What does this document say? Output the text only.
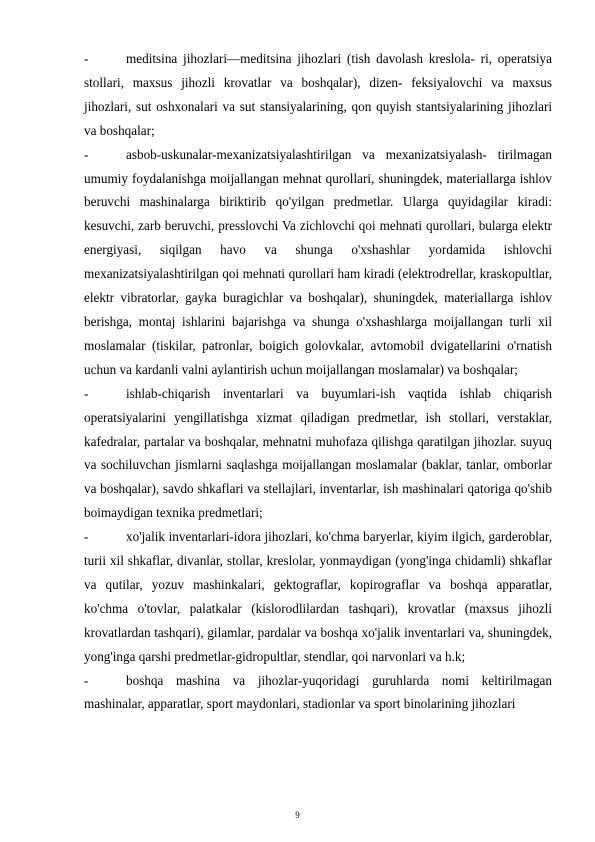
-	meditsina jihozlari—meditsina jihozlari (tish davolash kreslola- ri, operatsiya stollari, maxsus jihozli krovatlar va boshqalar), dizen- feksiyalovchi va maxsus jihozlari, sut oshxonalari va sut stansiyalarining, qon quyish stantsiyalarining jihozlari va boshqalar;

-	asbob-uskunalar-mexanizatsiyalashtirilgan va mexanizatsiyalash- tirilmagan umumiy foydalanishga moijallangan mehnat qurollari, shuningdek, materiallarga ishlov beruvchi mashinalarga biriktirib qo'yilgan predmetlar. Ularga quyidagilar kiradi: kesuvchi, zarb beruvchi, presslovchi Va zichlovchi qoi mehnati qurollari, bularga elektr energiyasi, siqilgan havo va shunga o'xshashlar yordamida ishlovchi mexanizatsiyalashtirilgan qoi mehnati qurollari ham kiradi (elektrodrellar, kraskopultlar, elektr vibratorlar, gayka buragichlar va boshqalar), shuningdek, materiallarga ishlov berishga, montaj ishlarini bajarishga va shunga o'xshashlarga moijallangan turli xil moslamalar (tiskilar, patronlar, boigich golovkalar, avtomobil dvigatellarini o'rnatish uchun va kardanli valni aylantirish uchun moijallangan moslamalar) va boshqalar;

-	ishlab-chiqarish inventarlari va buyumlari-ish vaqtida ishlab chiqarish operatsiyalarini yengillatishga xizmat qiladigan predmetlar, ish stollari, verstaklar, kafedralar, partalar va boshqalar, mehnatni muhofaza qilishga qaratilgan jihozlar. suyuq va sochiluvchan jismlarni saqlashga moijallangan moslamalar (baklar, tanlar, omborlar va boshqalar), savdo shkaflari va stellajlari, inventarlar, ish mashinalari qatoriga qo'shib boimaydigan texnika predmetlari;

-	xo'jalik inventarlari-idora jihozlari, ko'chma baryerlar, kiyim ilgich, garderoblar, turii xil shkaflar, divanlar, stollar, kreslolar, yonmaydigan (yong'inga chidamli) shkaflar va qutilar, yozuv mashinkalari, gektograflar, kopirograflar va boshqa apparatlar, ko'chma o'tovlar, palatkalar (kislorodlilardan tashqari), krovatlar (maxsus jihozli krovatlardan tashqari), gilamlar, pardalar va boshqa xo'jalik inventarlari va, shuningdek, yong'inga qarshi predmetlar-gidropultlar, stendlar, qoi narvonlari va h.k;

-	boshqa mashina va jihozlar-yuqoridagi guruhlarda nomi keltirilmagan mashinalar, apparatlar, sport maydonlari, stadionlar va sport binolarining jihozlari

9
